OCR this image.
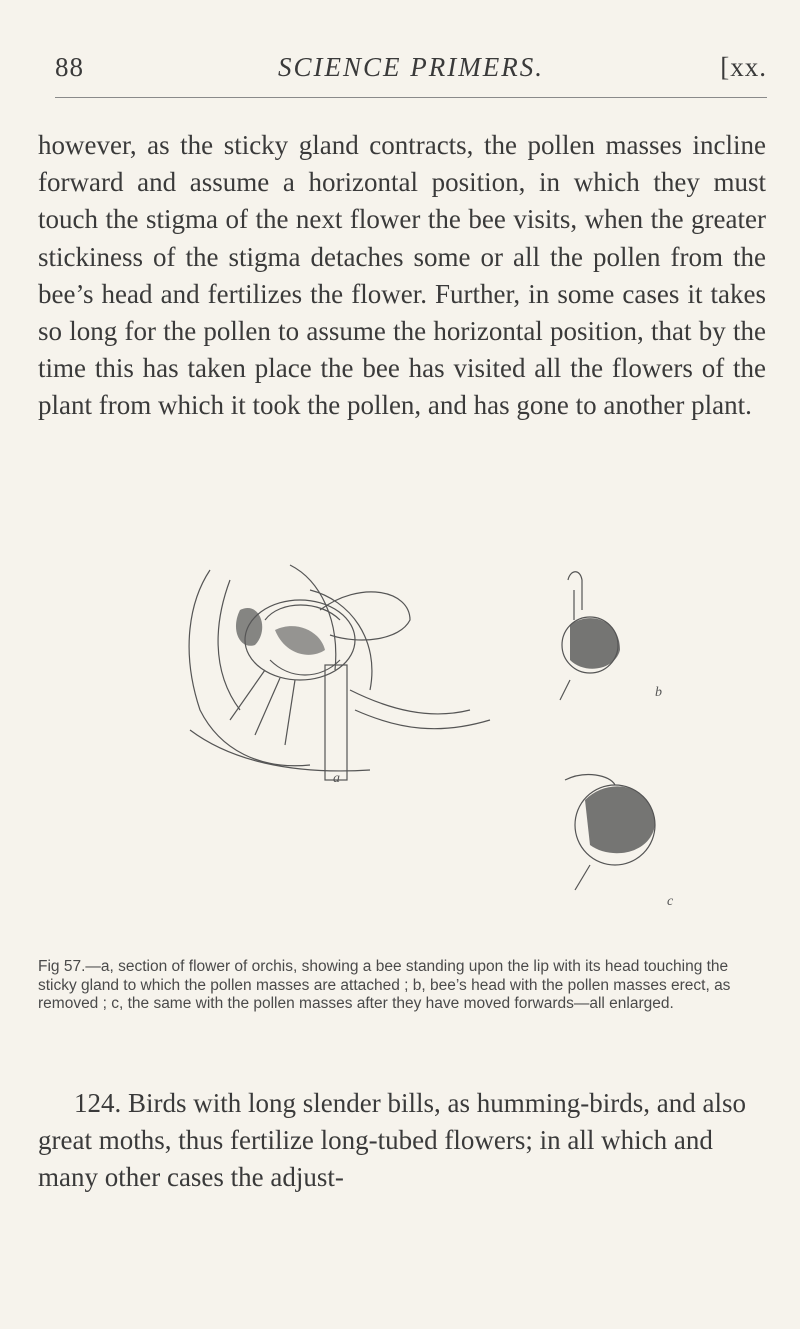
88	SCIENCE PRIMERS.	[xx.

however, as the sticky gland contracts, the pollen masses incline forward and assume a horizontal position, in which they must touch the stigma of the next flower the bee visits, when the greater stickiness of the stigma detaches some or all the pollen from the bee’s head and fertilizes the flower. Further, in some cases it takes so long for the pollen to assume the horizontal position, that by the time this has taken place the bee has visited all the flowers of the plant from which it took the pollen, and has gone to another plant.

a
b
c

Fig 57.—a, section of flower of orchis, showing a bee standing upon the lip with its head touching the sticky gland to which the pollen masses are attached ; b, bee’s head with the pollen masses erect, as removed ; c, the same with the pollen masses after they have moved forwards—all enlarged.

124. Birds with long slender bills, as humming-birds, and also great moths, thus fertilize long-tubed flowers; in all which and many other cases the adjust-
